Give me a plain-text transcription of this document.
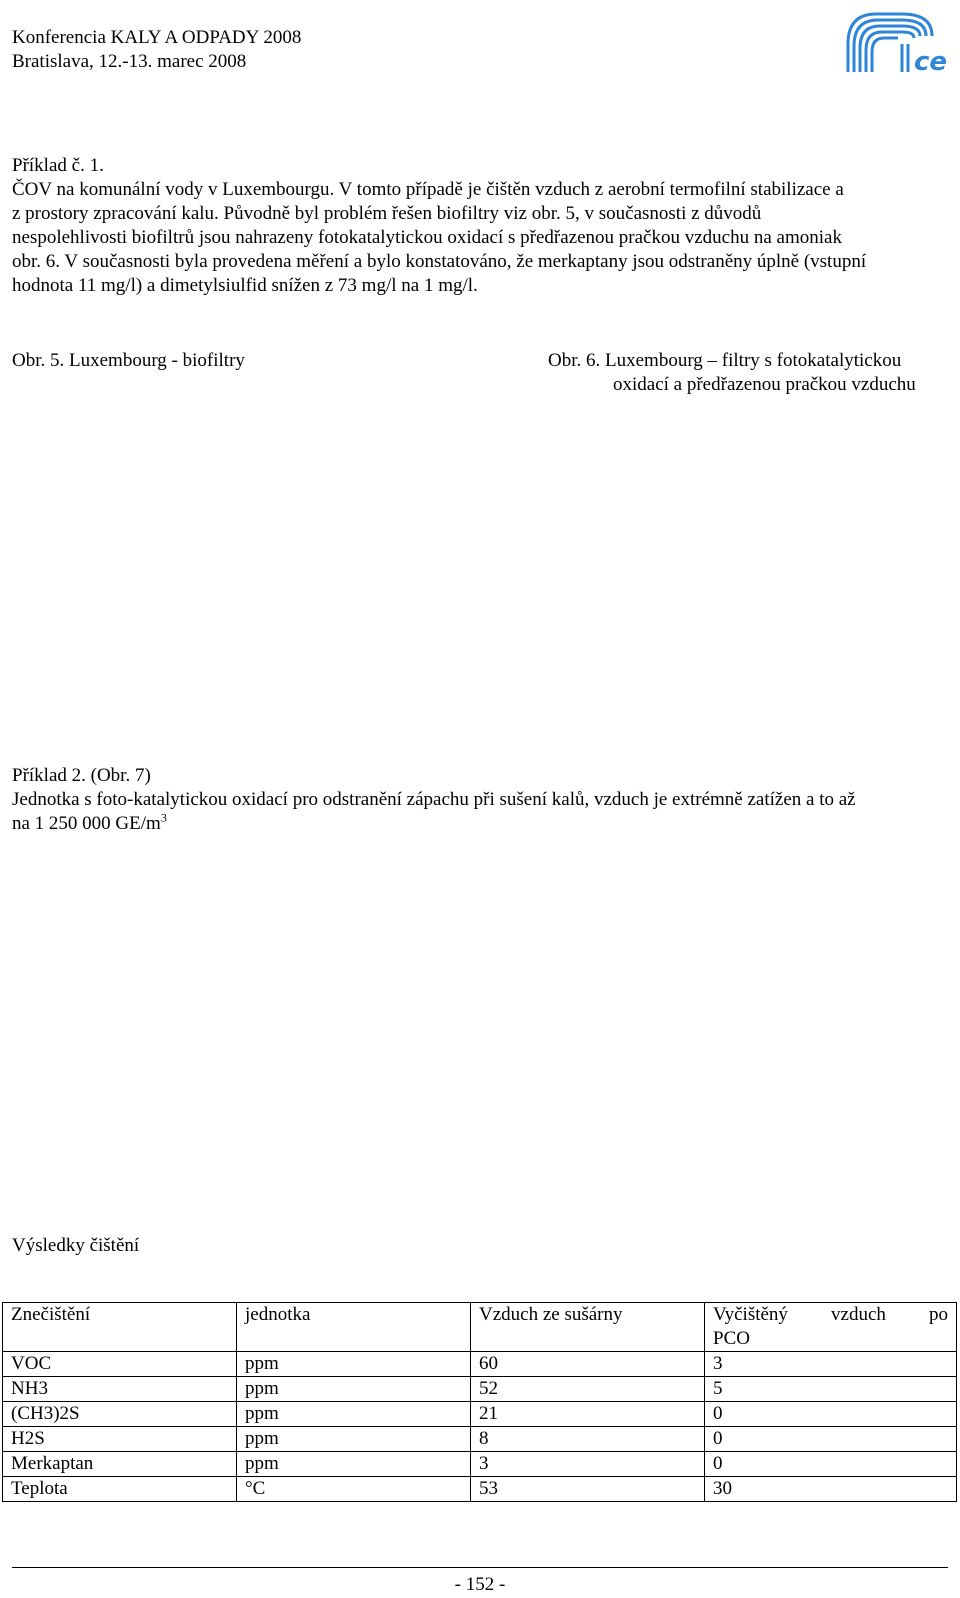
Konferencia KALY A ODPADY 2008
Bratislava, 12.-13. marec 2008	ce
Příklad č. 1.
ČOV na komunální vody v Luxembourgu. V tomto případě je čištěn vzduch z aerobní termofilní stabilizace a
z prostory zpracování kalu. Původně byl problém řešen biofiltry viz obr. 5, v současnosti z důvodů
nespolehlivosti biofiltrů jsou nahrazeny fotokatalytickou oxidací s předřazenou pračkou vzduchu na amoniak
obr. 6. V současnosti byla provedena měření a bylo konstatováno, že merkaptany jsou odstraněny úplně (vstupní
hodnota 11 mg/l) a dimetylsiulfid snížen z 73 mg/l na 1 mg/l.
Obr. 5. Luxembourg - biofiltry	Obr. 6. Luxembourg – filtry s fotokatalytickou
oxidací a předřazenou pračkou vzduchu
Příklad 2. (Obr. 7)
Jednotka s foto-katalytickou oxidací pro odstranění zápachu při sušení kalů, vzduch je extrémně zatížen a to až
na 1 250 000 $GE/m^3$
Výsledky čištění
Znečištění	jednotka	Vzduch ze sušárny	Vyčištěný vzduch po
PCO

VOC	ppm	60	3
NH3	ppm	52	5
(CH3)2S	ppm	21	0
H2S	ppm	8	0
Merkaptan	ppm	3	0
Teplota	°C	53	30
- 152 -
